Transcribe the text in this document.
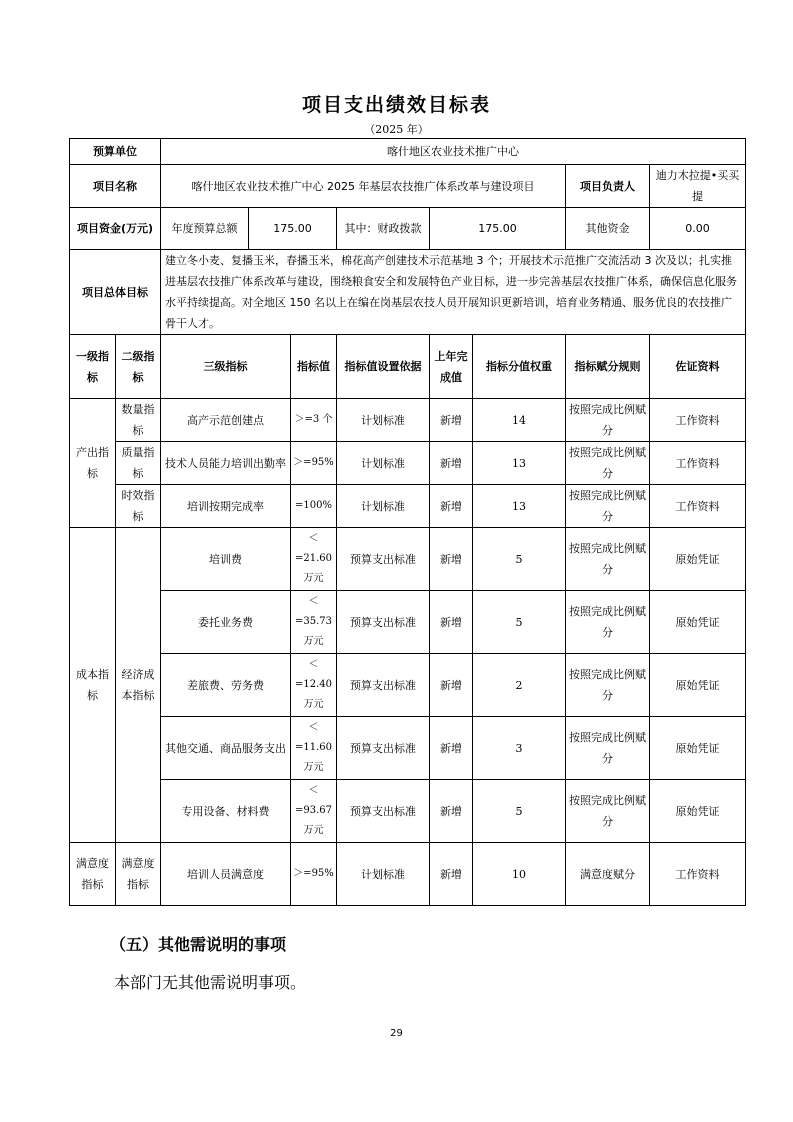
项目支出绩效目标表
（2025 年）
预算单位		喀什地区农业技术推广中心							
项目名称		喀什地区农业技术推广中心 2025 年基层农技推广体系改革与建设项目						项目负责人	迪力木拉提•买买提
项目资金(万元)		年度预算总额	175.00		其中：财政拨款	175.00		其他资金	0.00
项目总体目标		建立冬小麦、复播玉米，春播玉米，棉花高产创建技术示范基地 3 个；开展技术示范推广交流活动 3 次及以；扎实推进基层农技推广体系改革与建设，围绕粮食安全和发展特色产业目标，进一步完善基层农技推广体系，确保信息化服务水平持续提高。对全地区 150 名以上在编在岗基层农技人员开展知识更新培训，培育业务精通、服务优良的农技推广骨干人才。							
一级指标	二级指标	三级指标		指标值	指标值设置依据	上年完成值	指标分值权重	指标赋分规则	佐证资料
产出指标	数量指标	高产示范创建点		＞=3 个	计划标准	新增	14	按照完成比例赋分	工作资料
	质量指标	技术人员能力培训出勤率		＞=95%	计划标准	新增	13	按照完成比例赋分	工作资料
	时效指标	培训按期完成率		=100%	计划标准	新增	13	按照完成比例赋分	工作资料
成本指标	经济成本指标	培训费		＜=21.60 万元	预算支出标准	新增	5	按照完成比例赋分	原始凭证
		委托业务费		＜=35.73 万元	预算支出标准	新增	5	按照完成比例赋分	原始凭证
		差旅费、劳务费		＜=12.40 万元	预算支出标准	新增	2	按照完成比例赋分	原始凭证
		其他交通、商品服务支出		＜=11.60 万元	预算支出标准	新增	3	按照完成比例赋分	原始凭证
		专用设备、材料费		＜=93.67 万元	预算支出标准	新增	5	按照完成比例赋分	原始凭证
满意度指标	满意度指标	培训人员满意度		＞=95%	计划标准	新增	10	满意度赋分	工作资料
（五）其他需说明的事项
本部门无其他需说明事项。
29
